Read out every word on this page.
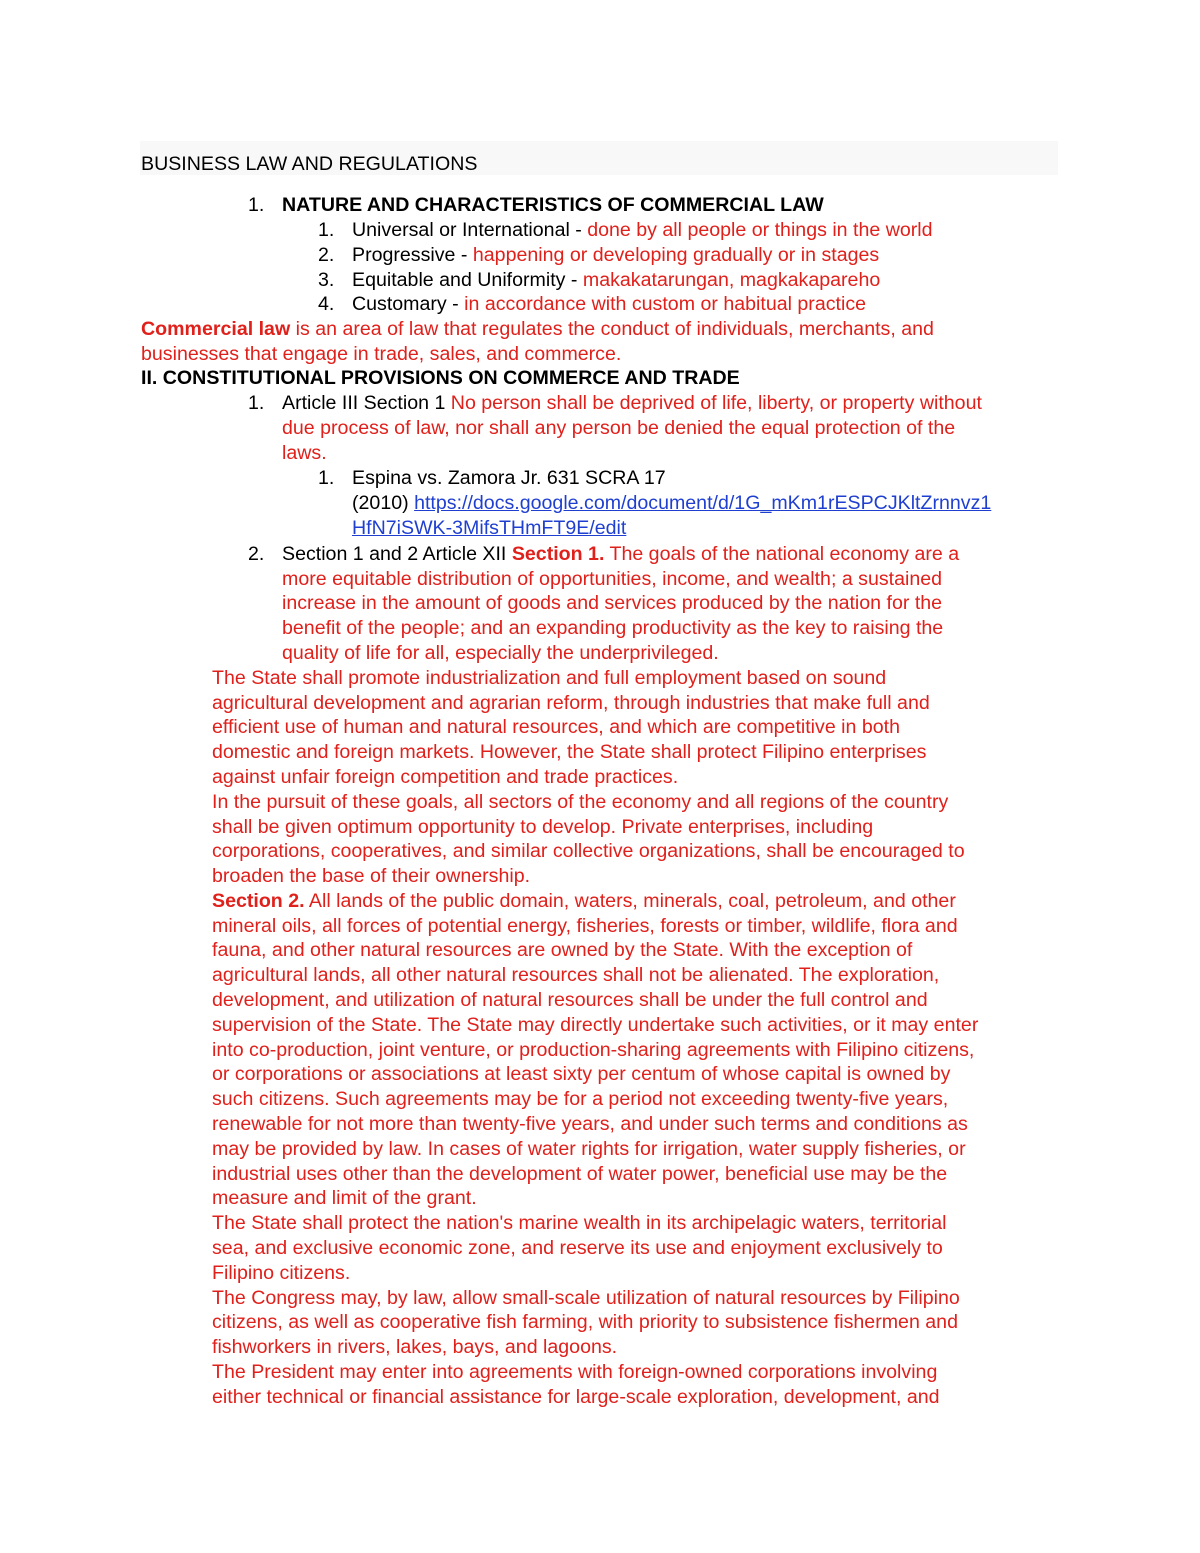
BUSINESS LAW AND REGULATIONS
1. NATURE AND CHARACTERISTICS OF COMMERCIAL LAW
1. Universal or International - done by all people or things in the world
2. Progressive - happening or developing gradually or in stages
3. Equitable and Uniformity - makakatarungan, magkakapareho
4. Customary - in accordance with custom or habitual practice
Commercial law is an area of law that regulates the conduct of individuals, merchants, and
businesses that engage in trade, sales, and commerce.
II. CONSTITUTIONAL PROVISIONS ON COMMERCE AND TRADE
1. Article III Section 1 No person shall be deprived of life, liberty, or property without
due process of law, nor shall any person be denied the equal protection of the
laws.
1. Espina vs. Zamora Jr. 631 SCRA 17
(2010) https://docs.google.com/document/d/1G_mKm1rESPCJKltZrnnvz1
HfN7iSWK-3MifsTHmFT9E/edit
2. Section 1 and 2 Article XII Section 1. The goals of the national economy are a
more equitable distribution of opportunities, income, and wealth; a sustained
increase in the amount of goods and services produced by the nation for the
benefit of the people; and an expanding productivity as the key to raising the
quality of life for all, especially the underprivileged.
The State shall promote industrialization and full employment based on sound
agricultural development and agrarian reform, through industries that make full and
efficient use of human and natural resources, and which are competitive in both
domestic and foreign markets. However, the State shall protect Filipino enterprises
against unfair foreign competition and trade practices.
In the pursuit of these goals, all sectors of the economy and all regions of the country
shall be given optimum opportunity to develop. Private enterprises, including
corporations, cooperatives, and similar collective organizations, shall be encouraged to
broaden the base of their ownership.
Section 2. All lands of the public domain, waters, minerals, coal, petroleum, and other
mineral oils, all forces of potential energy, fisheries, forests or timber, wildlife, flora and
fauna, and other natural resources are owned by the State. With the exception of
agricultural lands, all other natural resources shall not be alienated. The exploration,
development, and utilization of natural resources shall be under the full control and
supervision of the State. The State may directly undertake such activities, or it may enter
into co-production, joint venture, or production-sharing agreements with Filipino citizens,
or corporations or associations at least sixty per centum of whose capital is owned by
such citizens. Such agreements may be for a period not exceeding twenty-five years,
renewable for not more than twenty-five years, and under such terms and conditions as
may be provided by law. In cases of water rights for irrigation, water supply fisheries, or
industrial uses other than the development of water power, beneficial use may be the
measure and limit of the grant.
The State shall protect the nation's marine wealth in its archipelagic waters, territorial
sea, and exclusive economic zone, and reserve its use and enjoyment exclusively to
Filipino citizens.
The Congress may, by law, allow small-scale utilization of natural resources by Filipino
citizens, as well as cooperative fish farming, with priority to subsistence fishermen and
fishworkers in rivers, lakes, bays, and lagoons.
The President may enter into agreements with foreign-owned corporations involving
either technical or financial assistance for large-scale exploration, development, and
